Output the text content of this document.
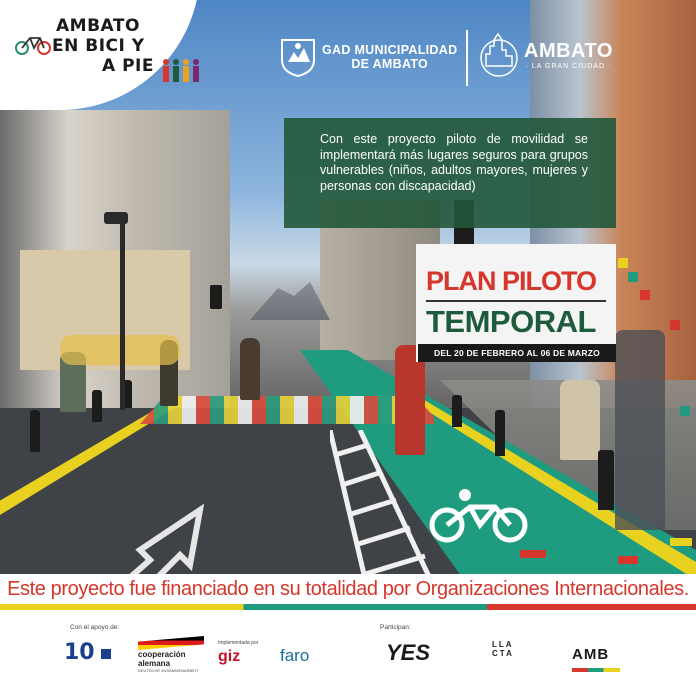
AMBATO
EN BICI Y
A PIE
GAD MUNICIPALIDAD
DE AMBATO
AMBATO
· LA GRAN CIUDAD ·

Con este proyecto piloto de movilidad se implementará más lugares seguros para grupos vulnerables (niños, adultos mayores, mujeres y personas con discapacidad)

PLAN PILOTO
TEMPORAL
DEL 20 DE FEBRERO AL 06 DE MARZO
Este proyecto fue financiado en su totalidad por Organizaciones Internacionales.
Con el apoyo de:	Participan:
10	cooperación
alemana
DEUTSCHE ZUSAMMENARBEIT
Implementada por
giz	faro	YES	LLA
CTA	AMB
